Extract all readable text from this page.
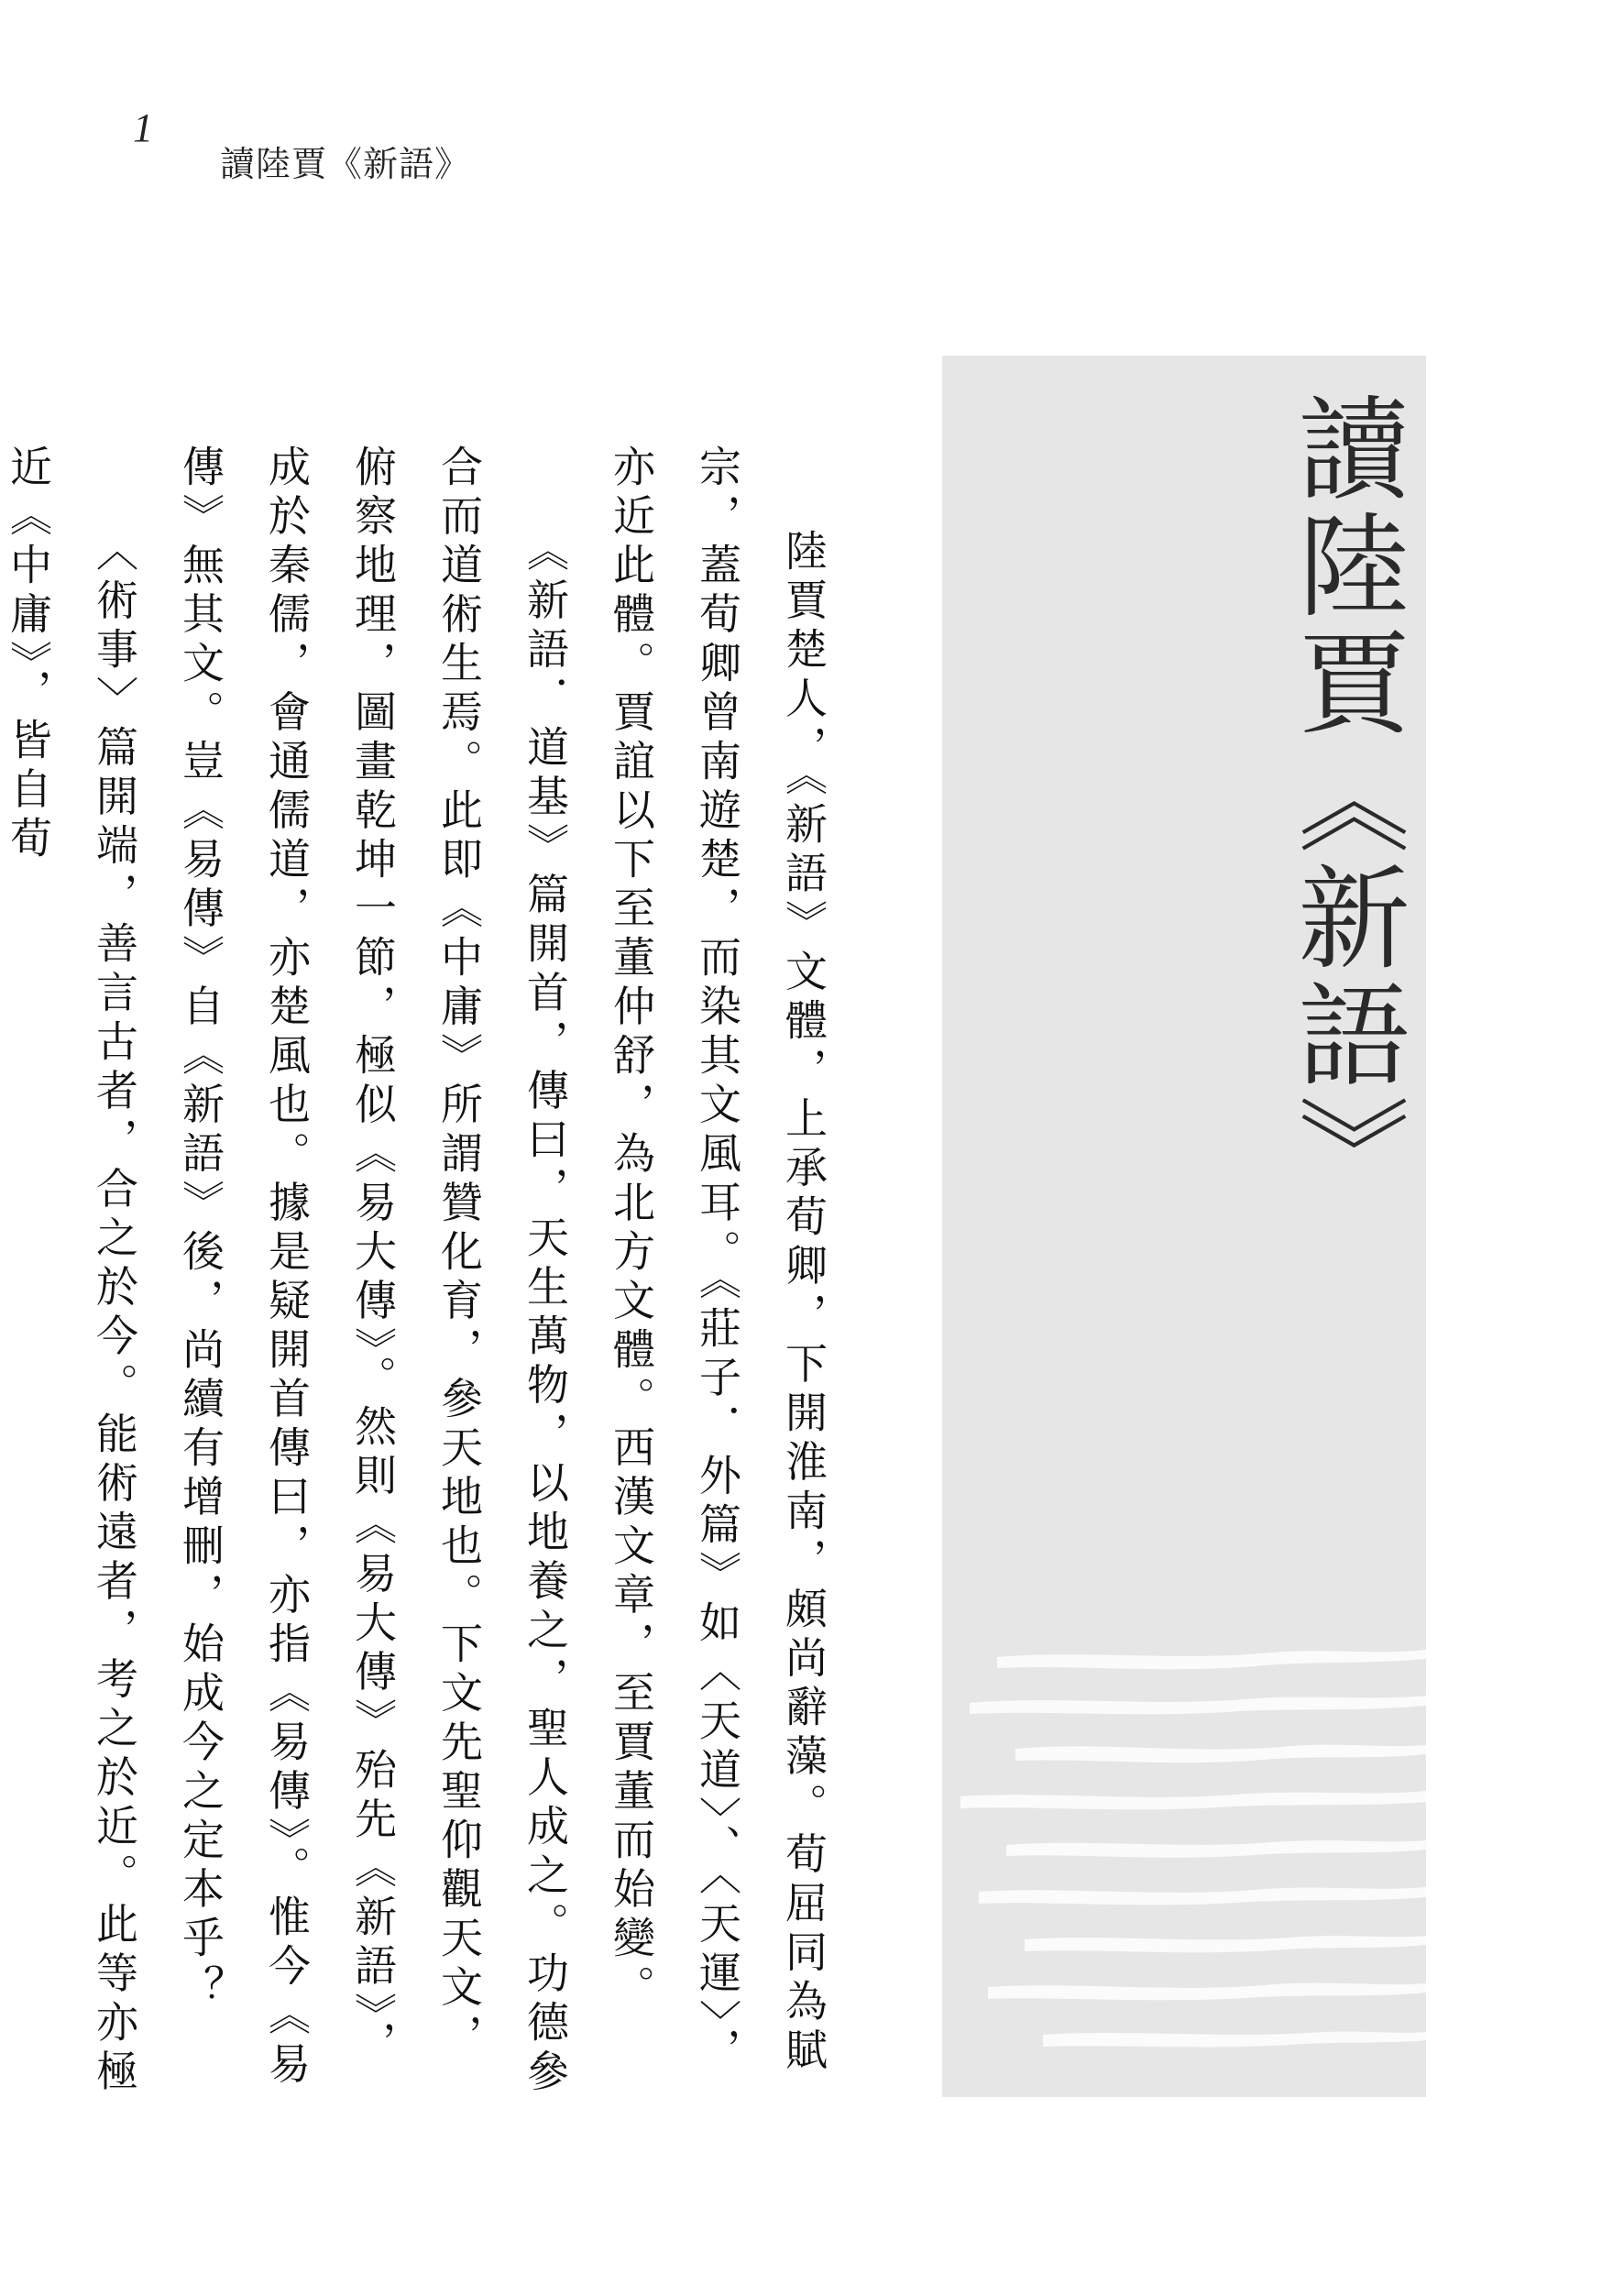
1
讀陸賈《新語》
讀陸賈《新語》

陸賈楚人，《新語》文體，上承荀卿，下開淮南，頗尚辭藻。荀屈同為賦宗，蓋荀卿曾南遊楚，而染其文風耳。《莊子．外篇》如〈天道〉、〈天運〉，亦近此體。賈誼以下至董仲舒，為北方文體。西漢文章，至賈董而始變。

《新語．道基》篇開首，傳曰，天生萬物，以地養之，聖人成之。功德參合而道術生焉。此即《中庸》所謂贊化育，參天地也。下文先聖仰觀天文，俯察地理，圖畫乾坤一節，極似《易大傳》。然則《易大傳》殆先《新語》，成於秦儒，會通儒道，亦楚風也。據是疑開首傳曰，亦指《易傳》。惟今《易傳》無其文。豈《易傳》自《新語》後，尚續有增刪，始成今之定本乎？

〈術事〉篇開端，善言古者，合之於今。能術遠者，考之於近。此等亦極近《中庸》，皆自荀
